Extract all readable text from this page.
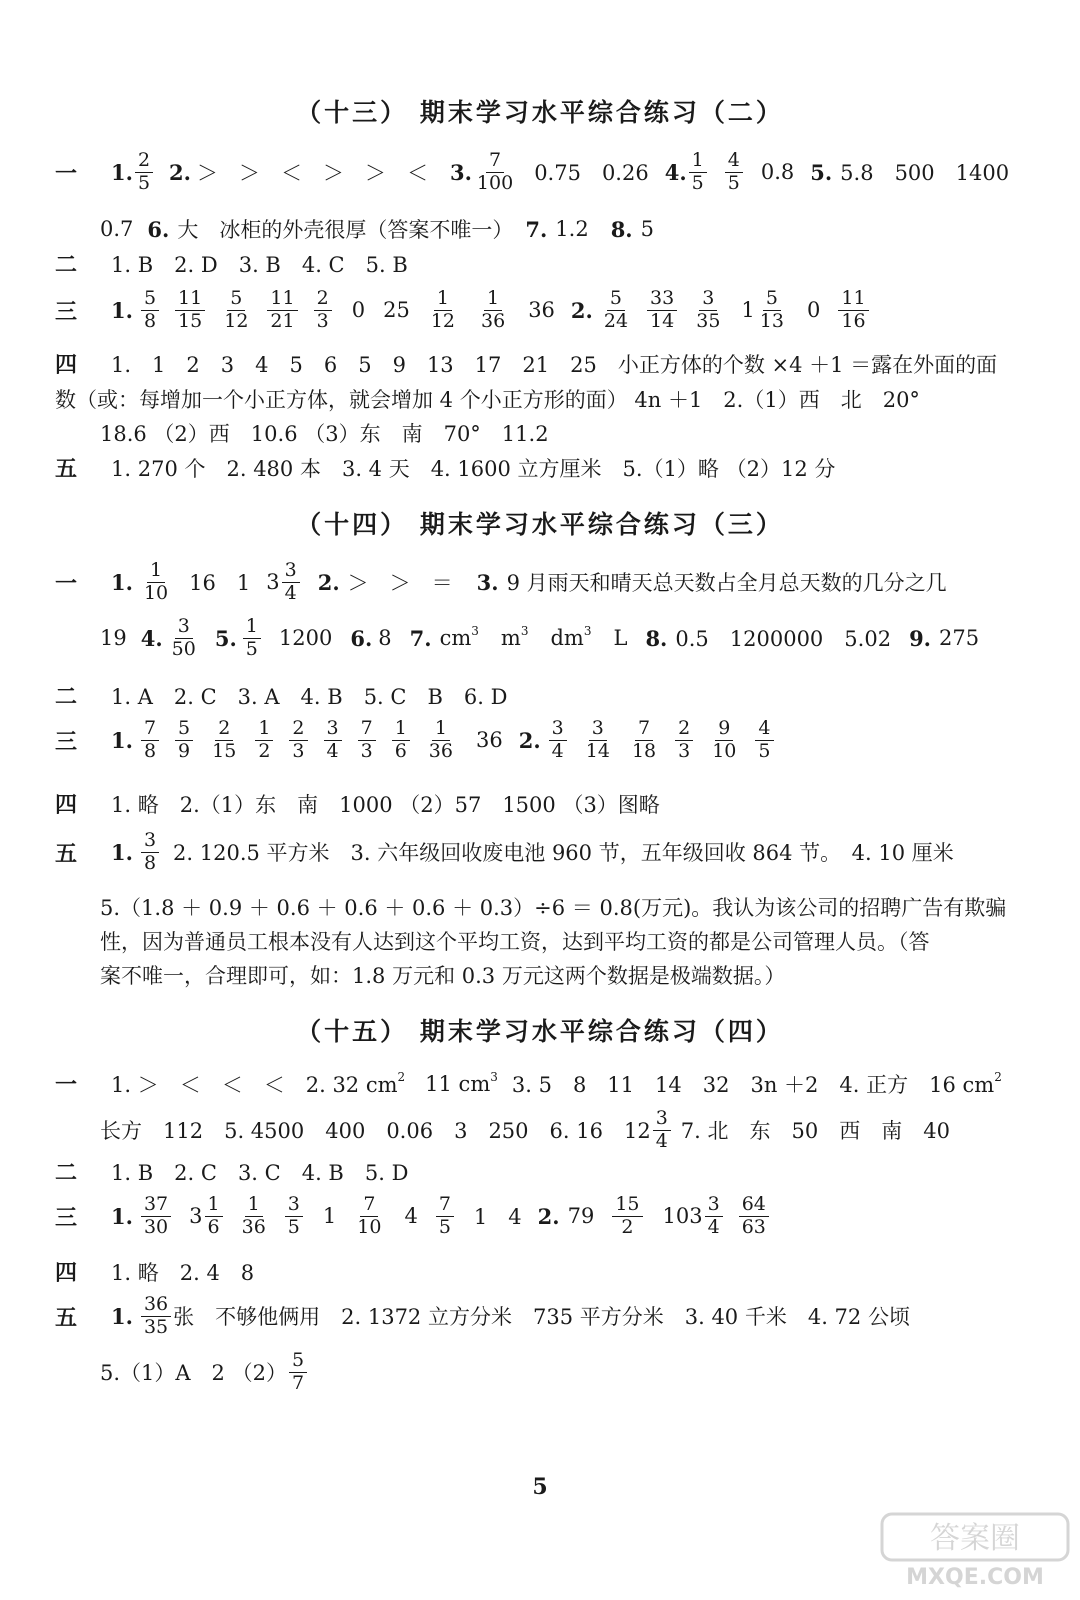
（十三） 期末学习水平综合练习（二）
一 1. $\frac{2}{5} 2$. ＞　＞　＜　＞　＞　＜ 3. $\frac{7}{100} 0.75$　0.26 4. $\frac{1}{5} \frac{4}{5} 0.8$ 5. 5.8　500　1400
0.7 6. 大　冰柜的外壳很厚（答案不唯一） 7. 1.2 8. 5
二 1. B　2. D　3. B　4. C　5. B
三 1. $\frac{5}{8} \frac{11}{15} \frac{5}{12} \frac{11}{21} \frac{2}{3} 0$ $25 \frac{1}{12} \frac{1}{36} 36$ 2. $\frac{5}{24} \frac{33}{14} \frac{3}{35} 1 \frac{5}{13} 0 \frac{11}{16}$
四 1.　1　2　3　4　5　6　5　9　13　17　21　25　小正方体的个数 ×4 ＋1 ＝露在外面的面
数（或：每增加一个小正方体，就会增加 4 个小正方形的面） 4n ＋1　2.（1）西　北　20°
18.6 （2）西　10.6 （3）东　南　70°　11.2
五 1. 270 个　2. 480 本　3. 4 天　4. 1600 立方厘米　5.（1）略 （2）12 分
（十四） 期末学习水平综合练习（三）
一 1. $\frac{1}{10} 16$　1 $3 \frac{3}{4} 2$. ＞　＞　＝ 3. 9 月雨天和晴天总天数占全月总天数的几分之几
19 4. $\frac{3}{50} 5$. $\frac{1}{5} 1200$ 6. 8 7. cm 3 m 3 dm 3 L 8. 0.5　1200000　5.02 9. 275
二 1. A　2. C　3. A　4. B　5. C　B　6. D
三 1. $\frac{7}{8} \frac{5}{9} \frac{2}{15} \frac{1}{2} \frac{2}{3} \frac{3}{4} \frac{7}{3} \frac{1}{6} \frac{1}{36} 36$ 2. $\frac{3}{4} \frac{3}{14} \frac{7}{18} \frac{2}{3} \frac{9}{10} \frac{4}{5}$
四 1. 略　2.（1）东　南　1000 （2）57　1500 （3）图略
五 1. $\frac{3}{8} 2$. 120.5 平方米　3. 六年级回收废电池 960 节，五年级回收 864 节。　4. 10 厘米
5.（1.8 ＋ 0.9 ＋ 0.6 ＋ 0.6 ＋ 0.6 ＋ 0.3）÷6 ＝ 0.8(万元)。我认为该公司的招聘广告有欺骗
性，因为普通员工根本没有人达到这个平均工资，达到平均工资的都是公司管理人员。（答
案不唯一，合理即可，如：1.8 万元和 0.3 万元这两个数据是极端数据。）
（十五） 期末学习水平综合练习（四）
一 1. ＞　＜　＜　＜　2. 32 cm 2 11 cm 3 3. 5　8　11　14　32　3n ＋2　4. 正方　16 cm 2
长方　112　5. 4500　400　0.06　3　250　6. 16　$12 \frac{3}{4} 7$. 北　东　50　西　南　40
二 1. B　2. C　3. C　4. B　5. D
三 1. $\frac{37}{30} 3 \frac{1}{6} \frac{1}{36} \frac{3}{5} 1 \frac{7}{10} 4 \frac{7}{5} 1$　4 2. $79 \frac{15}{2} 103 \frac{3}{4} \frac{64}{63}$
四 1. 略　2. 4　8
五 1. $\frac{36}{35}$ 张　不够他俩用　2. 1372 立方分米　735 平方分米　3. 40 千米　4. 72 公顷
5.（1）A　2 $(2) \frac{5}{7}$
5
答案圈
MXQE.COM
